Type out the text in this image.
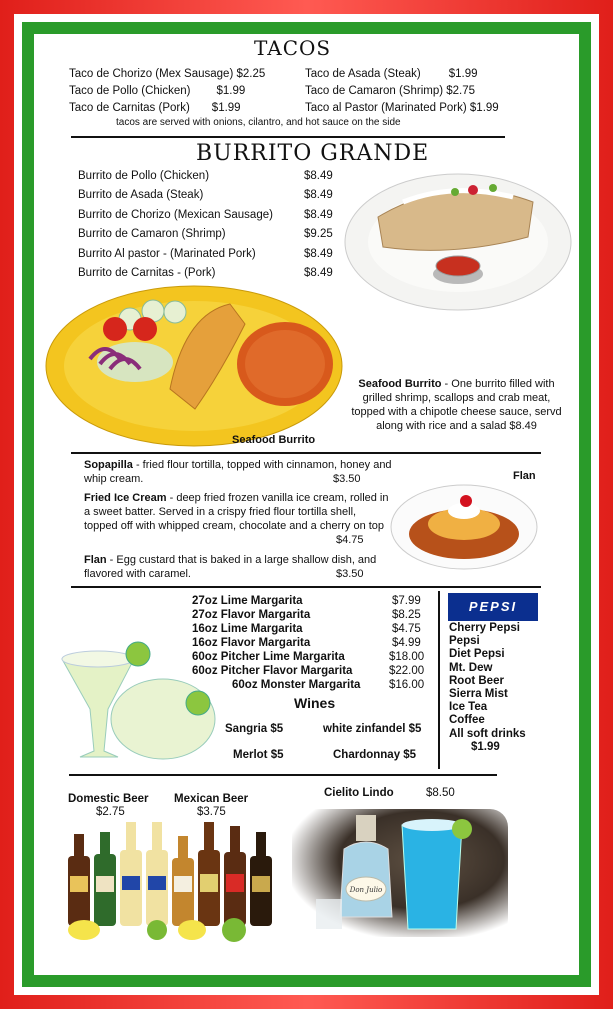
TACOS
Taco de Chorizo (Mex Sausage) $2.25	Taco de Asada (Steak) $1.99
Taco de Pollo (Chicken) $1.99	Taco de Camaron (Shrimp) $2.75
Taco de Carnitas (Pork) $1.99	Taco al Pastor (Marinated Pork) $1.99
tacos are served with onions, cilantro, and hot sauce on the side
BURRITO GRANDE
Burrito de Pollo (Chicken)	$8.49
Burrito de Asada (Steak)	$8.49
Burrito de Chorizo (Mexican Sausage)	$8.49
Burrito de Camaron (Shrimp)	$9.25
Burrito Al pastor - (Marinated Pork)	$8.49
Burrito de Carnitas - (Pork)	$8.49
Seafood Burrito
Seafood Burrito - One burrito filled with grilled shrimp, scallops and crab meat, topped with a chipotle cheese sauce, servd along with rice and a salad $8.49
Sopapilla - fried flour tortilla, topped with cinnamon, honey and whip cream.	$3.50
Fried Ice Cream - deep fried frozen vanilla ice cream, rolled in a sweet batter. Served in a crispy fried flour tortilla shell, topped off with whipped cream, chocolate and a cherry on top
$4.75
Flan - Egg custard that is baked in a large shallow dish, and flavored with caramel.	$3.50
Flan
27oz Lime Margarita	$7.99
27oz Flavor Margarita	$8.25
16oz Lime Margarita	$4.75
16oz Flavor Margarita	$4.99
60oz Pitcher Lime Margarita	$18.00
60oz Pitcher Flavor Margarita	$22.00
60oz Monster Margarita $16.00
Wines
Sangria $5	white zinfandel $5
Merlot $5	Chardonnay $5
PEPSI
Cherry Pepsi
Pepsi
Diet Pepsi
Mt. Dew
Root Beer
Sierra Mist
Ice Tea
Coffee
All soft drinks
$1.99
Domestic Beer
$2.75
Mexican Beer
$3.75
Cielito Lindo	$8.50
Don Julio
